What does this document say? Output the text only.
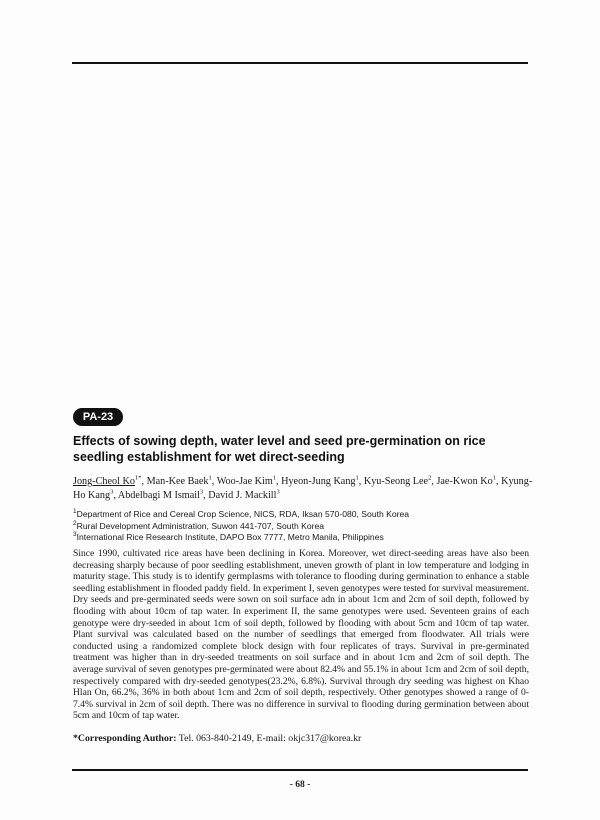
PA-23
Effects of sowing depth, water level and seed pre-germination on rice seedling establishment for wet direct-seeding
Jong-Cheol $Ko^{1*}$, Man-Kee Baek$^1$, Woo-Jae Kim$^1$, Hyeon-Jung Kang$^1$, Kyu-Seong Lee$^2$, Jae-Kwon Ko$^1$, Kyung-Ho Kang$^3$, Abdelbagi M Ismail$^3$, David J. Mackill$^3$
$^1$Department of Rice and Cereal Crop Science, NICS, RDA, Iksan 570-080, South Korea
$^2$Rural Development Administration, Suwon 441-707, South Korea
$^3$International Rice Research Institute, DAPO Box 7777, Metro Manila, Philippines

Since 1990, cultivated rice areas have been declining in Korea. Moreover, wet direct-seeding areas have also been decreasing sharply because of poor seedling establishment, uneven growth of plant in low temperature and lodging in maturity stage. This study is to identify germplasms with tolerance to flooding during germination to enhance a stable seedling establishment in flooded paddy field. In experiment I, seven genotypes were tested for survival measurement. Dry seeds and pre-germinated seeds were sown on soil surface adn in about 1cm and 2cm of soil depth, followed by flooding with about 10cm of tap water. In experiment II, the same genotypes were used. Seventeen grains of each genotype were dry-seeded in about 1cm of soil depth, followed by flooding with about 5cm and 10cm of tap water. Plant survival was calculated based on the number of seedlings that emerged from floodwater. All trials were conducted using a randomized complete block design with four replicates of trays. Survival in pre-germinated treatment was higher than in dry-seeded treatments on soil surface and in about 1cm and 2cm of soil depth. The average survival of seven genotypes pre-germinated were about 82.4% and 55.1% in about 1cm and 2cm of soil depth, respectively compared with dry-seeded genotypes(23.2%, 6.8%). Survival through dry seeding was highest on Khao Hlan On, 66.2%, 36% in both about 1cm and 2cm of soil depth, respectively. Other genotypes showed a range of 0-7.4% survival in 2cm of soil depth. There was no difference in survival to flooding during germination between about 5cm and 10cm of tap water.

*Corresponding Author: Tel. 063-840-2149, E-mail: okjc317@korea.kr
- 68 -
